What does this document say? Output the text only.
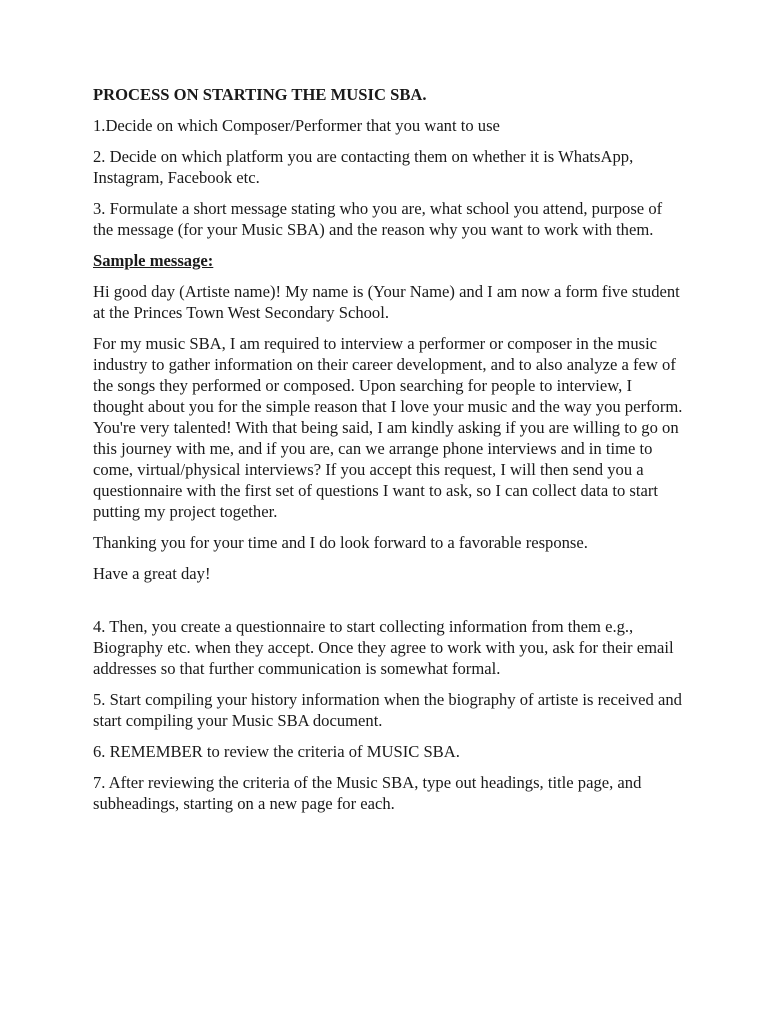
PROCESS ON STARTING THE MUSIC SBA.

1.Decide on which Composer/Performer that you want to use

2. Decide on which platform you are contacting them on whether it is WhatsApp, Instagram, Facebook etc.

3. Formulate a short message stating who you are, what school you attend, purpose of the message (for your Music SBA) and the reason why you want to work with them.

Sample message:

Hi good day (Artiste name)! My name is (Your Name) and I am now a form five student at the Princes Town West Secondary School.

For my music SBA, I am required to interview a performer or composer in the music industry to gather information on their career development, and to also analyze a few of the songs they performed or composed. Upon searching for people to interview, I thought about you for the simple reason that I love your music and the way you perform. You're very talented! With that being said, I am kindly asking if you are willing to go on this journey with me, and if you are, can we arrange phone interviews and in time to come, virtual/physical interviews? If you accept this request, I will then send you a questionnaire with the first set of questions I want to ask, so I can collect data to start putting my project together.

Thanking you for your time and I do look forward to a favorable response.

Have a great day!

4. Then, you create a questionnaire to start collecting information from them e.g., Biography etc. when they accept. Once they agree to work with you, ask for their email addresses so that further communication is somewhat formal.

5. Start compiling your history information when the biography of artiste is received and start compiling your Music SBA document.

6. REMEMBER to review the criteria of MUSIC SBA.

7. After reviewing the criteria of the Music SBA, type out headings, title page, and subheadings, starting on a new page for each.
